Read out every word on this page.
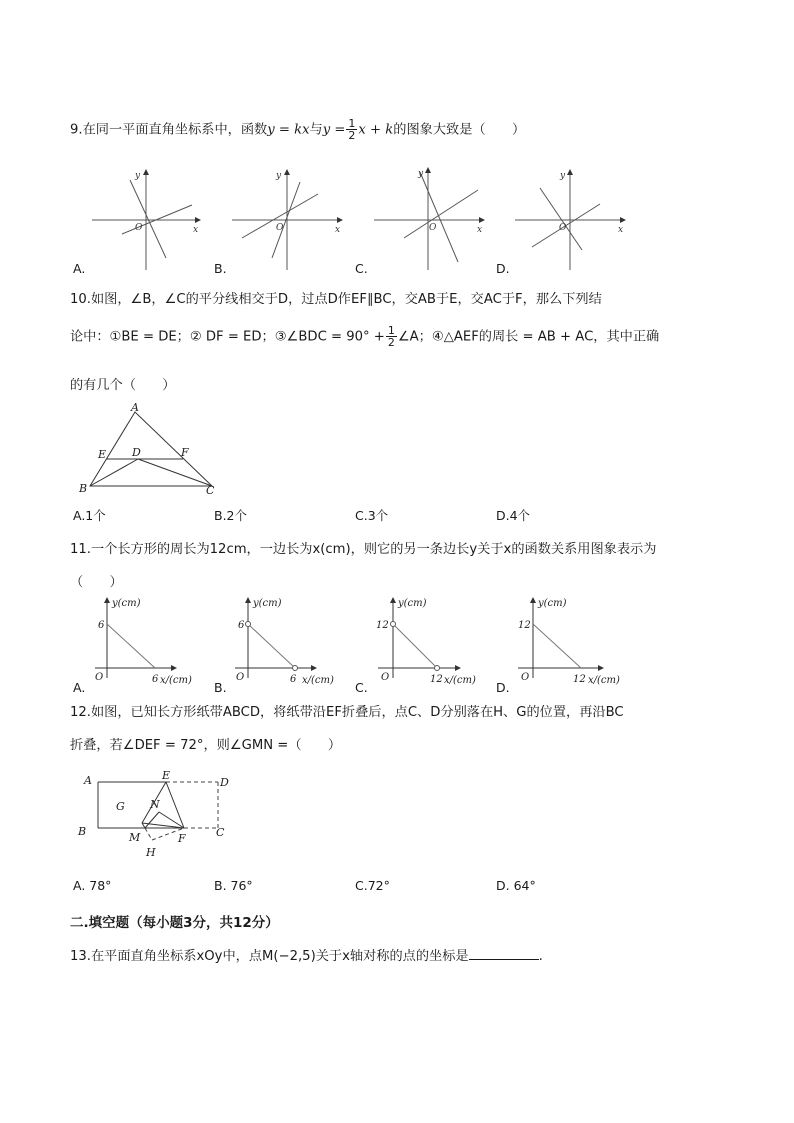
9.在同一平面直角坐标系中，函数y = kx与$y = \frac{1}{2}$ x + k的图象大致是（　　）
y
x
O
y
x
O
y
x
O
y
x
O
A.	B.	C.	D.
10.如图，∠B，∠C的平分线相交于D，过点D作EF∥BC，交AB于E，交AC于F，那么下列结
论中：①BE = DE；② DF = ED；③∠BDC = $90^\circ + \frac{1}{2}$ ∠A；④△AEF的周长 = AB + AC，其中正确
的有几个（　　）
A
E D	F
B	C
A.1个	B.2个	C.3个	D.4个
11.一个长方形的周长为12cm，一边长为x(cm)，则它的另一条边长y关于x的函数关系用图象表示为
（　　）
y(cm)
x/(cm)
O
6
6
y(cm)
x/(cm)
O
6
6
y(cm)
x/(cm)
O
12
12
y(cm)
x/(cm)
O
12
12
A.	B.	C.	D.
12.如图，已知长方形纸带ABCD，将纸带沿EF折叠后，点C、D分别落在H、G的位置，再沿BC
折叠，若∠DEF = 72°，则∠GMN =（　　）
A	E
D
G N
B	M	F	C
H
A. 78°	B. 76°	C.72°	D. 64°
二.填空题（每小题3分，共12分）
13.在平面直角坐标系xOy中，点M(−2,5)关于x轴对称的点的坐标是	.
